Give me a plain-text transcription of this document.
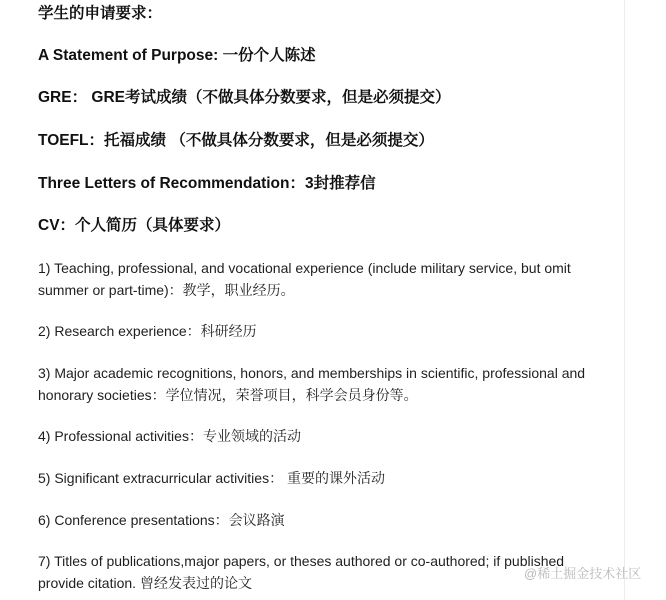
学生的申请要求：
A Statement of Purpose: 一份个人陈述
GRE： GRE考试成绩（不做具体分数要求，但是必须提交）
TOEFL：托福成绩 （不做具体分数要求，但是必须提交）
Three Letters of Recommendation：3封推荐信
CV：个人简历（具体要求）
1) Teaching, professional, and vocational experience (include military service, but omit summer or part-time)：教学，职业经历。
2) Research experience：科研经历
3) Major academic recognitions, honors, and memberships in scientific, professional and honorary societies：学位情况，荣誉项目，科学会员身份等。
4) Professional activities：专业领域的活动
5) Significant extracurricular activities： 重要的课外活动
6) Conference presentations：会议路演
7) Titles of publications,major papers, or theses authored or co-authored; if published provide citation. 曾经发表过的论文
@稀土掘金技术社区
